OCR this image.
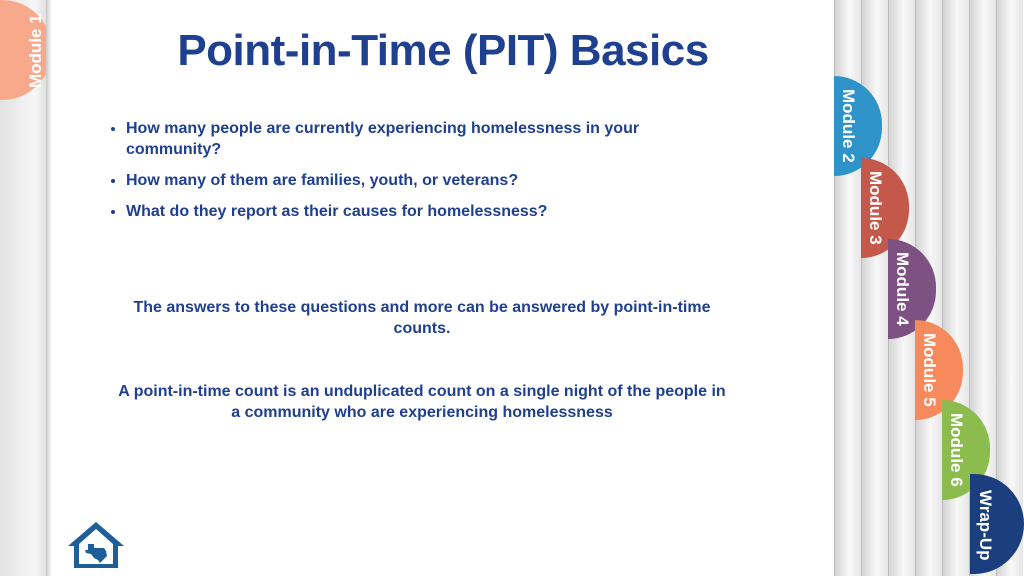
Module 1	Point-in-Time (PIT) Basics
• How many people are currently experiencing homelessness in your community?
• How many of them are families, youth, or veterans?
• What do they report as their causes for homelessness?

The answers to these questions and more can be answered by point-in-time counts.

A point-in-time count is an unduplicated count on a single night of the people in a community who are experiencing homelessness

Module 2
Module 3
Module 4
Module 5
Module 6
Wrap-Up
